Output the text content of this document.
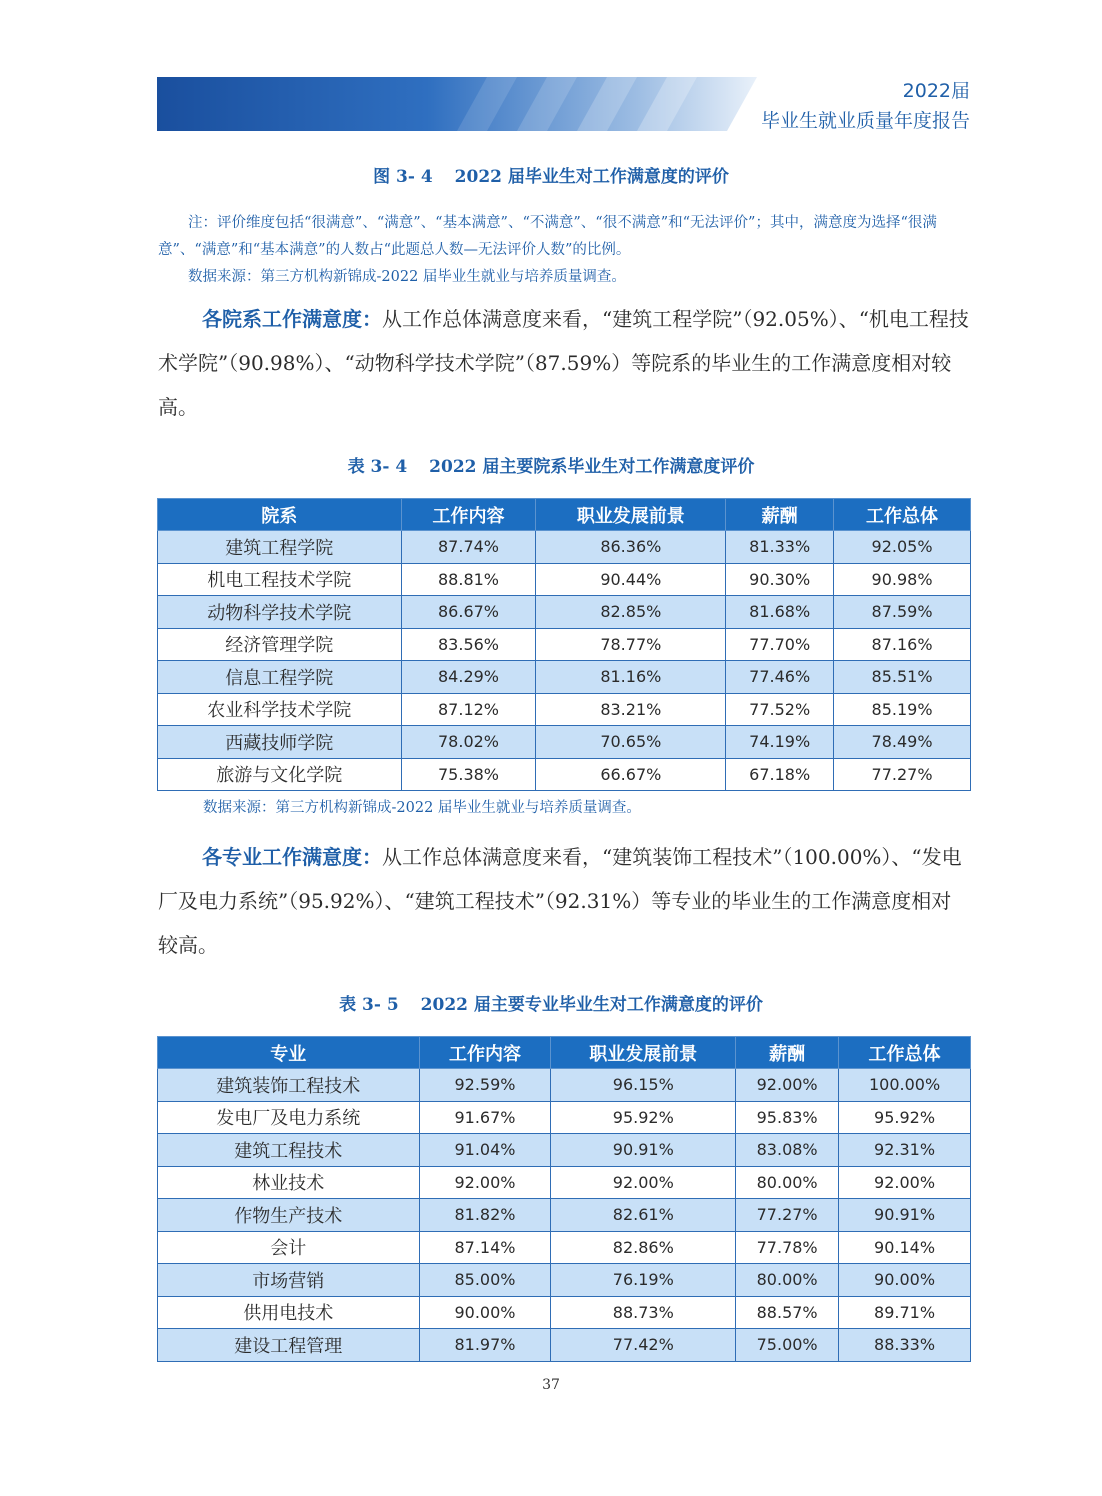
2022届
毕业生就业质量年度报告
图 3- 4 2022 届毕业生对工作满意度的评价

注：评价维度包括“很满意”、“满意”、“基本满意”、“不满意”、“很不满意”和“无法评价”；其中，满意度为选择“很满意”、“满意”和“基本满意”的人数占“此题总人数—无法评价人数”的比例。

数据来源：第三方机构新锦成-2022 届毕业生就业与培养质量调查。

各院系工作满意度：从工作总体满意度来看，“建筑工程学院”（92.05%）、“机电工程技术学院”（90.98%）、“动物科学技术学院”（87.59%）等院系的毕业生的工作满意度相对较高。

表 3- 4 2022 届主要院系毕业生对工作满意度评价
院系	工作内容	职业发展前景	薪酬	工作总体
建筑工程学院	87.74%	86.36%	81.33%	92.05%
机电工程技术学院	88.81%	90.44%	90.30%	90.98%
动物科学技术学院	86.67%	82.85%	81.68%	87.59%
经济管理学院	83.56%	78.77%	77.70%	87.16%
信息工程学院	84.29%	81.16%	77.46%	85.51%
农业科学技术学院	87.12%	83.21%	77.52%	85.19%
西藏技师学院	78.02%	70.65%	74.19%	78.49%
旅游与文化学院	75.38%	66.67%	67.18%	77.27%
数据来源：第三方机构新锦成-2022 届毕业生就业与培养质量调查。

各专业工作满意度：从工作总体满意度来看，“建筑装饰工程技术”（100.00%）、“发电厂及电力系统”（95.92%）、“建筑工程技术”（92.31%）等专业的毕业生的工作满意度相对较高。

表 3- 5 2022 届主要专业毕业生对工作满意度的评价
专业	工作内容	职业发展前景	薪酬	工作总体
建筑装饰工程技术	92.59%	96.15%	92.00%	100.00%
发电厂及电力系统	91.67%	95.92%	95.83%	95.92%
建筑工程技术	91.04%	90.91%	83.08%	92.31%
林业技术	92.00%	92.00%	80.00%	92.00%
作物生产技术	81.82%	82.61%	77.27%	90.91%
会计	87.14%	82.86%	77.78%	90.14%
市场营销	85.00%	76.19%	80.00%	90.00%
供用电技术	90.00%	88.73%	88.57%	89.71%
建设工程管理	81.97%	77.42%	75.00%	88.33%
37
